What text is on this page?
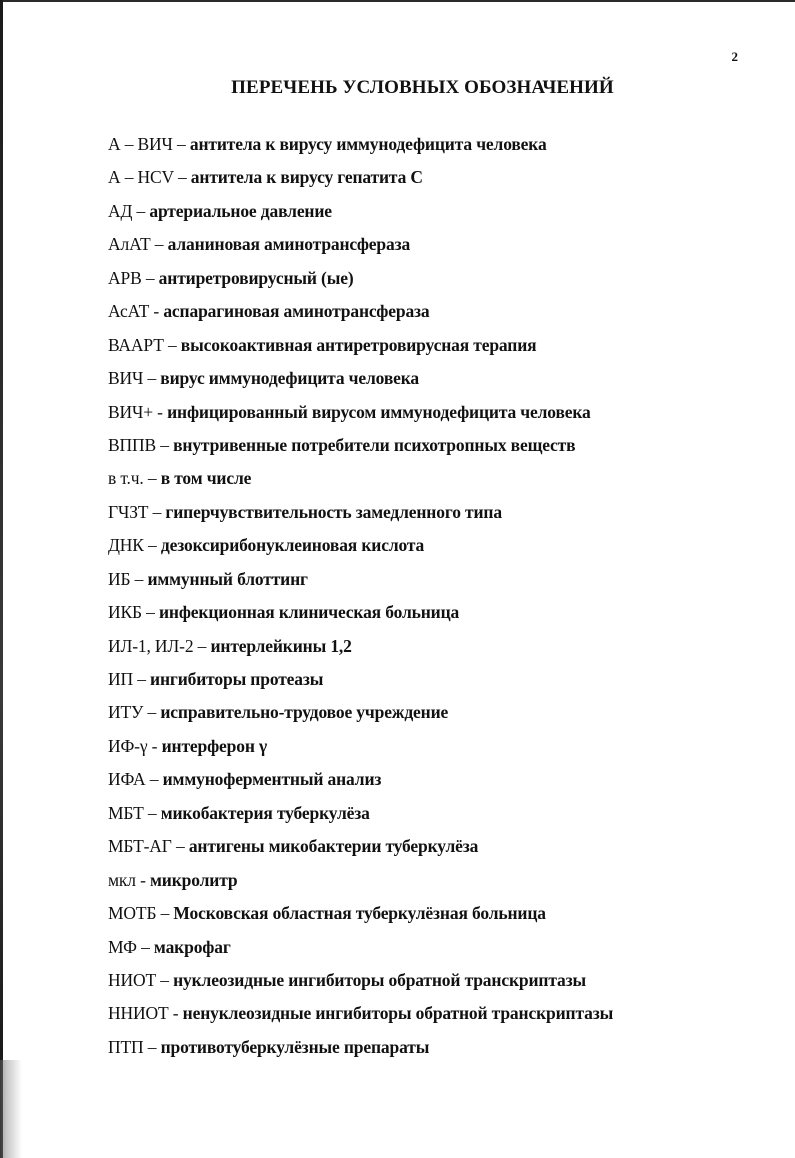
2
ПЕРЕЧЕНЬ УСЛОВНЫХ ОБОЗНАЧЕНИЙ
А – ВИЧ – антитела к вирусу иммунодефицита человека
А – HCV – антитела к вирусу гепатита С
АД – артериальное давление
АлАТ – аланиновая аминотрансфераза
АРВ – антиретровирусный (ые)
АсАТ - аспарагиновая аминотрансфераза
ВААРТ – высокоактивная антиретровирусная терапия
ВИЧ – вирус иммунодефицита человека
ВИЧ+ - инфицированный вирусом иммунодефицита человека
ВППВ – внутривенные потребители психотропных веществ
в т.ч. – в том числе
ГЧЗТ – гиперчувствительность замедленного типа
ДНК – дезоксирибонуклеиновая кислота
ИБ – иммунный блоттинг
ИКБ – инфекционная клиническая больница
ИЛ-1, ИЛ-2 – интерлейкины 1,2
ИП – ингибиторы протеазы
ИТУ – исправительно-трудовое учреждение
ИФ-γ - интерферон γ
ИФА – иммуноферментный анализ
МБТ – микобактерия туберкулёза
МБТ-АГ – антигены микобактерии туберкулёза
мкл - микролитр
МОТБ – Московская областная туберкулёзная больница
МФ – макрофаг
НИОТ – нуклеозидные ингибиторы обратной транскриптазы
ННИОТ - ненуклеозидные ингибиторы обратной транскриптазы
ПТП – противотуберкулёзные препараты
